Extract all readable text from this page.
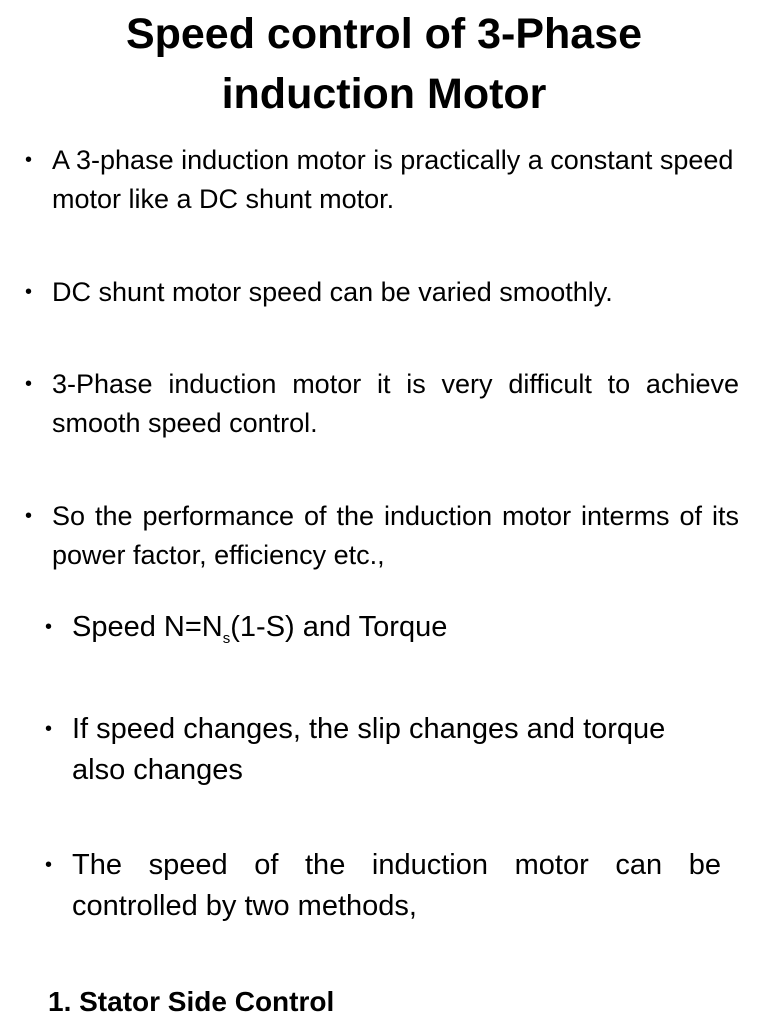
Speed control of 3-Phase
induction Motor
• A 3-phase induction motor is practically a constant speed motor like a DC shunt motor.
• DC shunt motor speed can be varied smoothly.
• 3-Phase induction motor it is very difficult to achieve smooth speed control.
• So the performance of the induction motor interms of its power factor, efficiency etc.,
• Speed $N=N_s(1-S)$ and Torque
• If speed changes, the slip changes and torque also changes
• The speed of the induction motor can be controlled by two methods,
1. Stator Side Control
